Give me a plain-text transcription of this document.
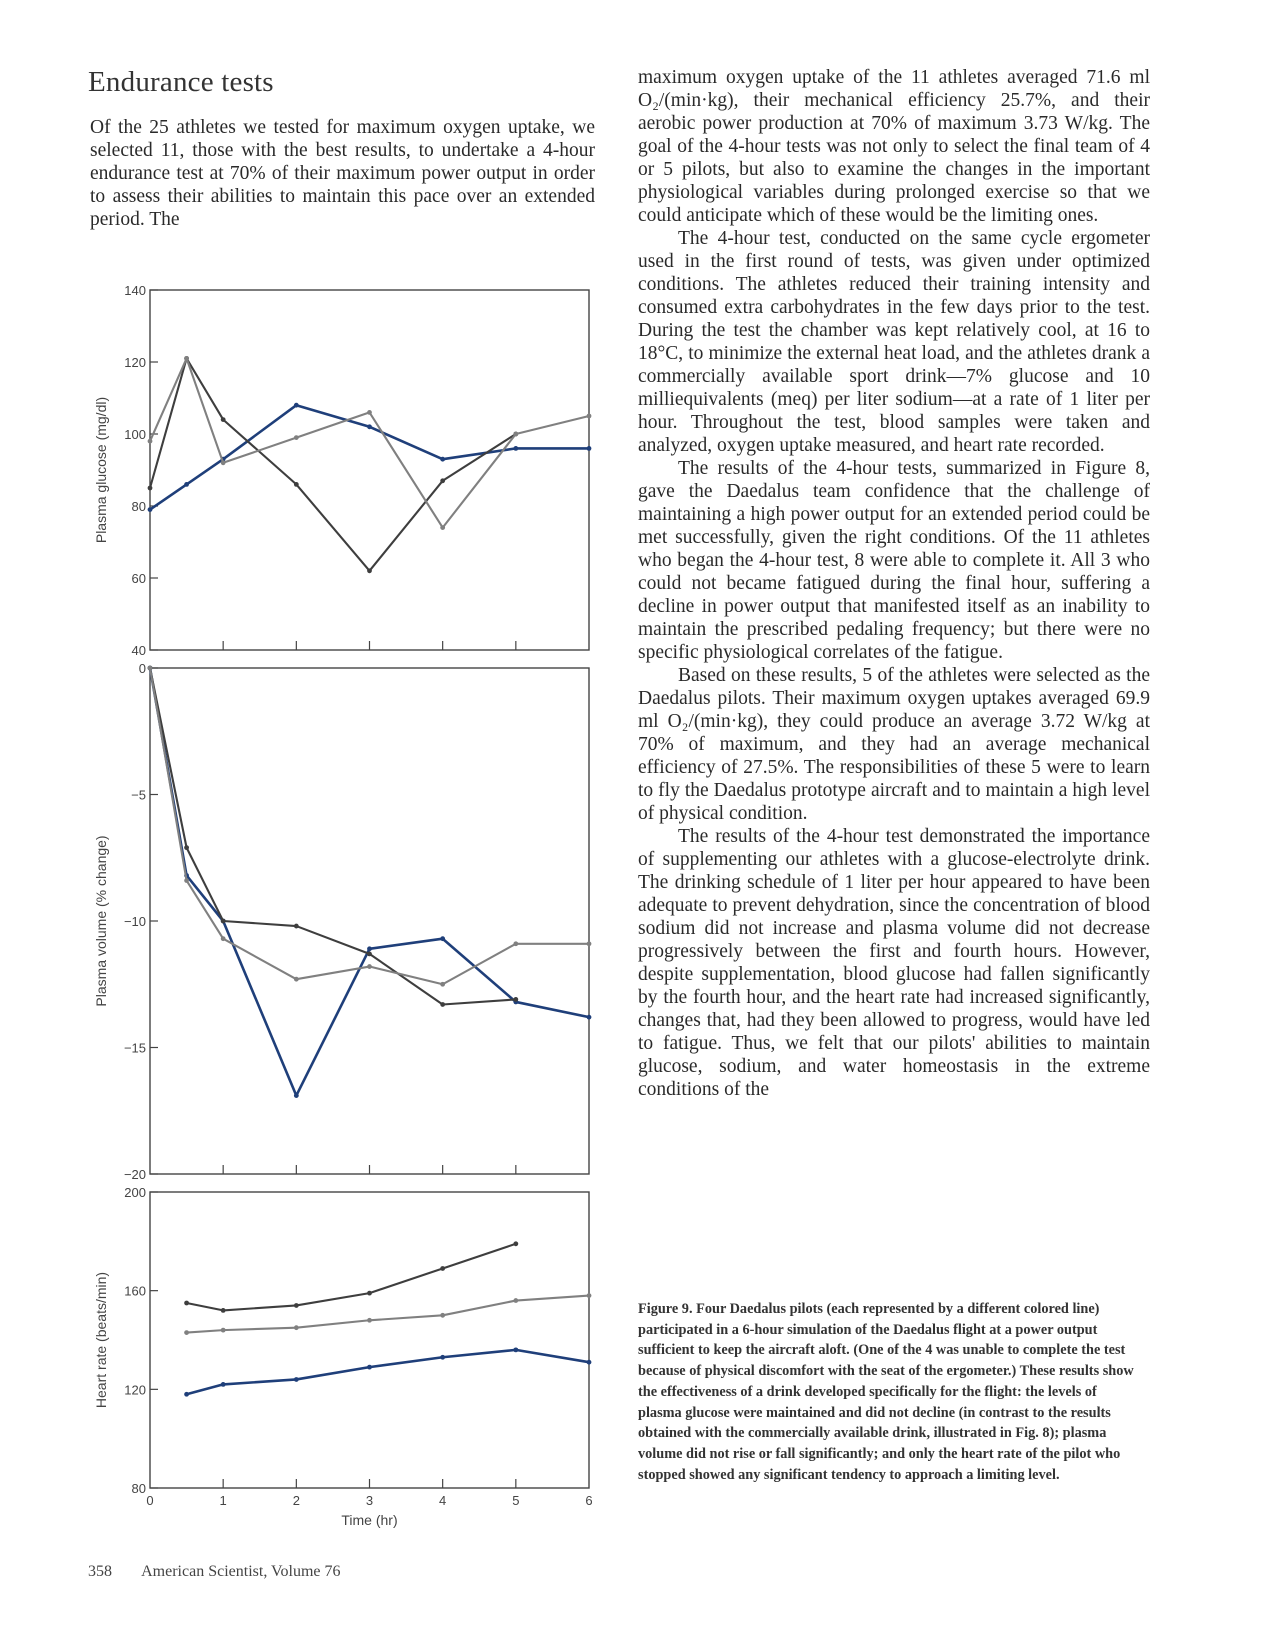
Endurance tests

Of the 25 athletes we tested for maximum oxygen uptake, we selected 11, those with the best results, to undertake a 4-hour endurance test at 70% of their maximum power output in order to assess their abilities to maintain this pace over an extended period. The

maximum oxygen uptake of the 11 athletes averaged 71.6 ml O₂/(min·kg), their mechanical efficiency 25.7%, and their aerobic power production at 70% of maximum 3.73 W/kg. The goal of the 4-hour tests was not only to select the final team of 4 or 5 pilots, but also to examine the changes in the important physiological variables during prolonged exercise so that we could anticipate which of these would be the limiting ones.

The 4-hour test, conducted on the same cycle ergometer used in the first round of tests, was given under optimized conditions. The athletes reduced their training intensity and consumed extra carbohydrates in the few days prior to the test. During the test the chamber was kept relatively cool, at 16 to 18°C, to minimize the external heat load, and the athletes drank a commercially available sport drink—7% glucose and 10 milliequivalents (meq) per liter sodium—at a rate of 1 liter per hour. Throughout the test, blood samples were taken and analyzed, oxygen uptake measured, and heart rate recorded.

The results of the 4-hour tests, summarized in Figure 8, gave the Daedalus team confidence that the challenge of maintaining a high power output for an extended period could be met successfully, given the right conditions. Of the 11 athletes who began the 4-hour test, 8 were able to complete it. All 3 who could not became fatigued during the final hour, suffering a decline in power output that manifested itself as an inability to maintain the prescribed pedaling frequency; but there were no specific physiological correlates of the fatigue.

Based on these results, 5 of the athletes were selected as the Daedalus pilots. Their maximum oxygen uptakes averaged 69.9 ml O₂/(min·kg), they could produce an average 3.72 W/kg at 70% of maximum, and they had an average mechanical efficiency of 27.5%. The responsibilities of these 5 were to learn to fly the Daedalus prototype aircraft and to maintain a high level of physical condition.

The results of the 4-hour test demonstrated the importance of supplementing our athletes with a glucose-electrolyte drink. The drinking schedule of 1 liter per hour appeared to have been adequate to prevent dehydration, since the concentration of blood sodium did not increase and plasma volume did not decrease progressively between the first and fourth hours. However, despite supplementation, blood glucose had fallen significantly by the fourth hour, and the heart rate had increased significantly, changes that, had they been allowed to progress, would have led to fatigue. Thus, we felt that our pilots' abilities to maintain glucose, sodium, and water homeostasis in the extreme conditions of the

Figure 9. Four Daedalus pilots (each represented by a different colored line) participated in a 6-hour simulation of the Daedalus flight at a power output sufficient to keep the aircraft aloft. (One of the 4 was unable to complete the test because of physical discomfort with the seat of the ergometer.) These results show the effectiveness of a drink developed specifically for the flight: the levels of plasma glucose were maintained and did not decline (in contrast to the results obtained with the commercially available drink, illustrated in Fig. 8); plasma volume did not rise or fall significantly; and only the heart rate of the pilot who stopped showed any significant tendency to approach a limiting level.

358 American Scientist, Volume 76
40
60
80
100
120
140
Plasma glucose (mg/dl)
0
−5
−10
−15
−20
Plasma volume (% change)
80
120
160
200
0	1	2	3	4	5	6
Time (hr)
Heart rate (beats/min)
